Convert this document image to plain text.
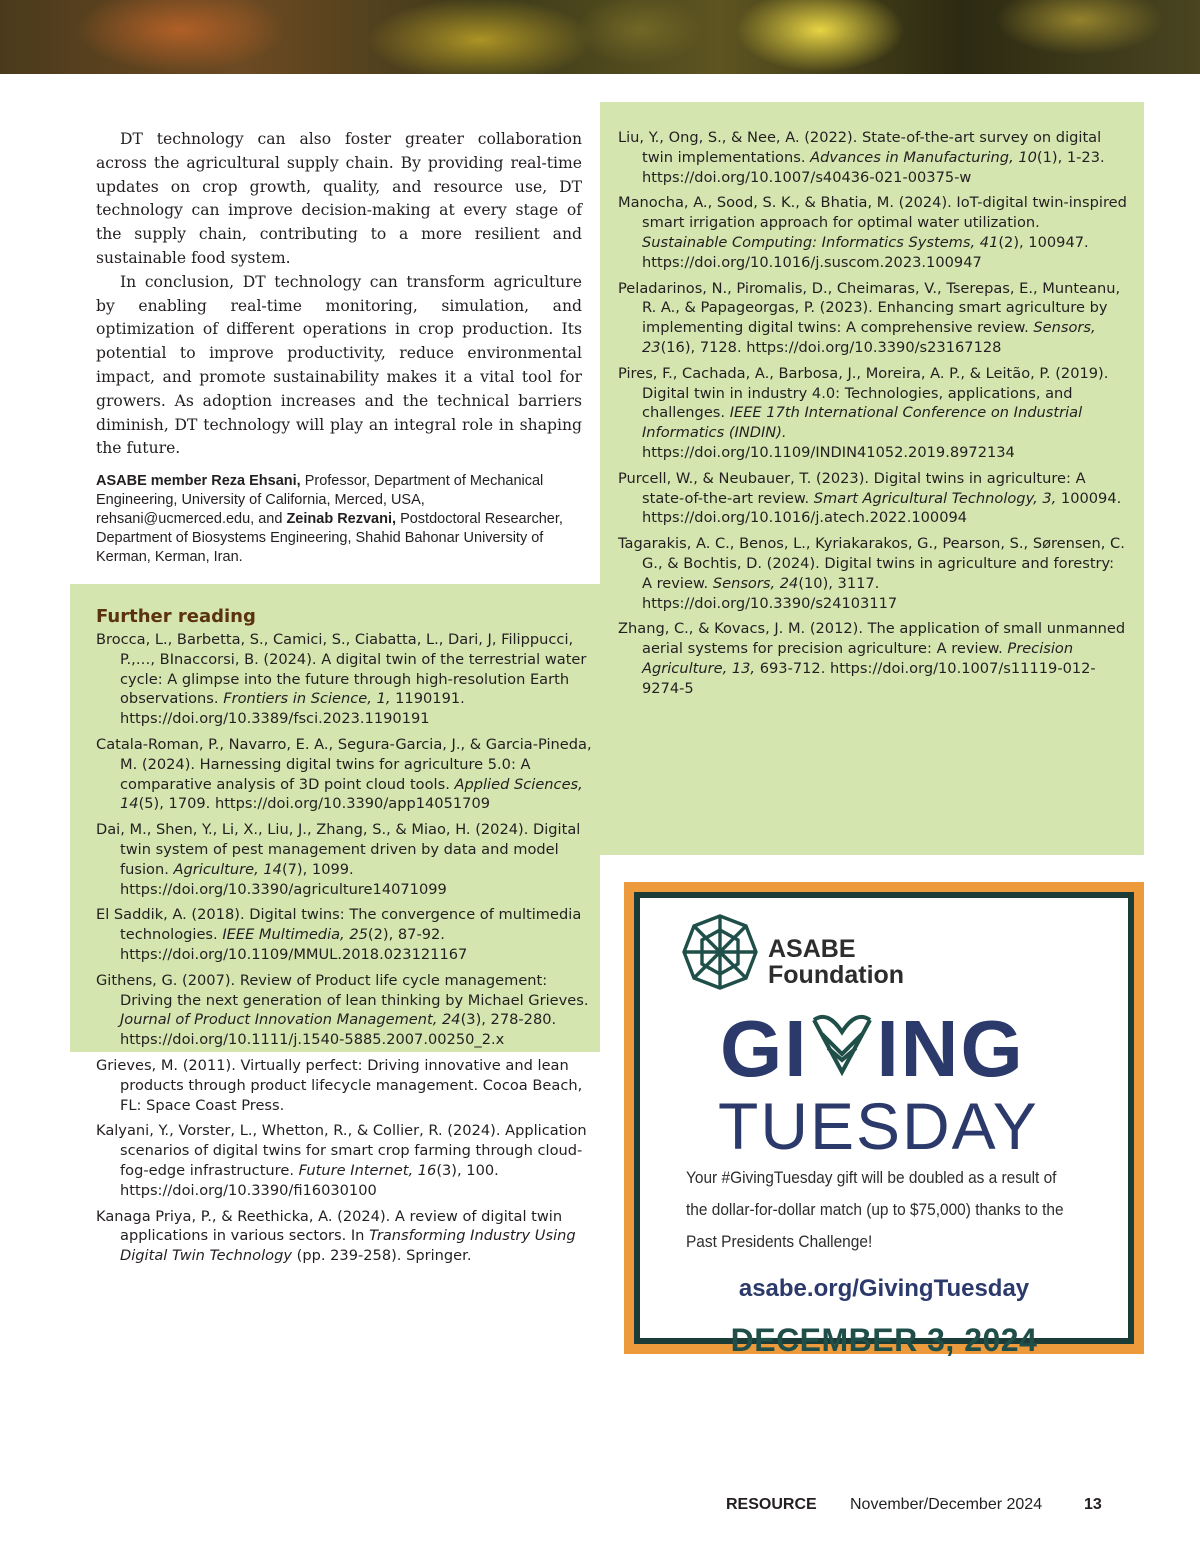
DT technology can also foster greater collaboration across the agricultural supply chain. By providing real-time updates on crop growth, quality, and resource use, DT technology can improve decision-making at every stage of the supply chain, contributing to a more resilient and sustainable food system.

In conclusion, DT technology can transform agriculture by enabling real-time monitoring, simulation, and optimization of different operations in crop production. Its potential to improve productivity, reduce environmental impact, and promote sustainability makes it a vital tool for growers. As adoption increases and the technical barriers diminish, DT technology will play an integral role in shaping the future.

ASABE member Reza Ehsani, Professor, Department of Mechanical Engineering, University of California, Merced, USA, rehsani@ucmerced.edu, and Zeinab Rezvani, Postdoctoral Researcher, Department of Biosystems Engineering, Shahid Bahonar University of Kerman, Kerman, Iran.
Further reading

Brocca, L., Barbetta, S., Camici, S., Ciabatta, L., Dari, J, Filippucci, P.,…, BInaccorsi, B. (2024). A digital twin of the terrestrial water cycle: A glimpse into the future through high-resolution Earth observations. Frontiers in Science, 1, 1190191. https://doi.org/10.3389/fsci.2023.1190191

Catala-Roman, P., Navarro, E. A., Segura-Garcia, J., & Garcia-Pineda, M. (2024). Harnessing digital twins for agriculture 5.0: A comparative analysis of 3D point cloud tools. Applied Sciences, 14(5), 1709. https://doi.org/10.3390/app14051709

Dai, M., Shen, Y., Li, X., Liu, J., Zhang, S., & Miao, H. (2024). Digital twin system of pest management driven by data and model fusion. Agriculture, 14(7), 1099. https://doi.org/10.3390/agriculture14071099

El Saddik, A. (2018). Digital twins: The convergence of multimedia technologies. IEEE Multimedia, 25(2), 87-92. https://doi.org/10.1109/MMUL.2018.023121167

Githens, G. (2007). Review of Product life cycle management: Driving the next generation of lean thinking by Michael Grieves. Journal of Product Innovation Management, 24(3), 278-280. https://doi.org/10.1111/j.1540-5885.2007.00250_2.x

Grieves, M. (2011). Virtually perfect: Driving innovative and lean products through product lifecycle management. Cocoa Beach, FL: Space Coast Press.

Kalyani, Y., Vorster, L., Whetton, R., & Collier, R. (2024). Application scenarios of digital twins for smart crop farming through cloud-fog-edge infrastructure. Future Internet, 16(3), 100. https://doi.org/10.3390/fi16030100

Kanaga Priya, P., & Reethicka, A. (2024). A review of digital twin applications in various sectors. In Transforming Industry Using Digital Twin Technology (pp. 239-258). Springer.

Liu, Y., Ong, S., & Nee, A. (2022). State-of-the-art survey on digital twin implementations. Advances in Manufacturing, 10(1), 1-23. https://doi.org/10.1007/s40436-021-00375-w

Manocha, A., Sood, S. K., & Bhatia, M. (2024). IoT-digital twin-inspired smart irrigation approach for optimal water utilization. Sustainable Computing: Informatics Systems, 41(2), 100947. https://doi.org/10.1016/j.suscom.2023.100947

Peladarinos, N., Piromalis, D., Cheimaras, V., Tserepas, E., Munteanu, R. A., & Papageorgas, P. (2023). Enhancing smart agriculture by implementing digital twins: A comprehensive review. Sensors, 23(16), 7128. https://doi.org/10.3390/s23167128

Pires, F., Cachada, A., Barbosa, J., Moreira, A. P., & Leitão, P. (2019). Digital twin in industry 4.0: Technologies, applications, and challenges. IEEE 17th International Conference on Industrial Informatics (INDIN). https://doi.org/10.1109/INDIN41052.2019.8972134

Purcell, W., & Neubauer, T. (2023). Digital twins in agriculture: A state-of-the-art review. Smart Agricultural Technology, 3, 100094. https://doi.org/10.1016/j.atech.2022.100094

Tagarakis, A. C., Benos, L., Kyriakarakos, G., Pearson, S., Sørensen, C. G., & Bochtis, D. (2024). Digital twins in agriculture and forestry: A review. Sensors, 24(10), 3117. https://doi.org/10.3390/s24103117

Zhang, C., & Kovacs, J. M. (2012). The application of small unmanned aerial systems for precision agriculture: A review. Precision Agriculture, 13, 693-712. https://doi.org/10.1007/s11119-012-9274-5

ASABE
Foundation
GI ING
TUESDAY
Your #GivingTuesday gift will be doubled as a result of
the dollar-for-dollar match (up to $75,000) thanks to the
Past Presidents Challenge!
asabe.org/GivingTuesday
DECEMBER 3, 2024
RESOURCE November/December 2024	13
